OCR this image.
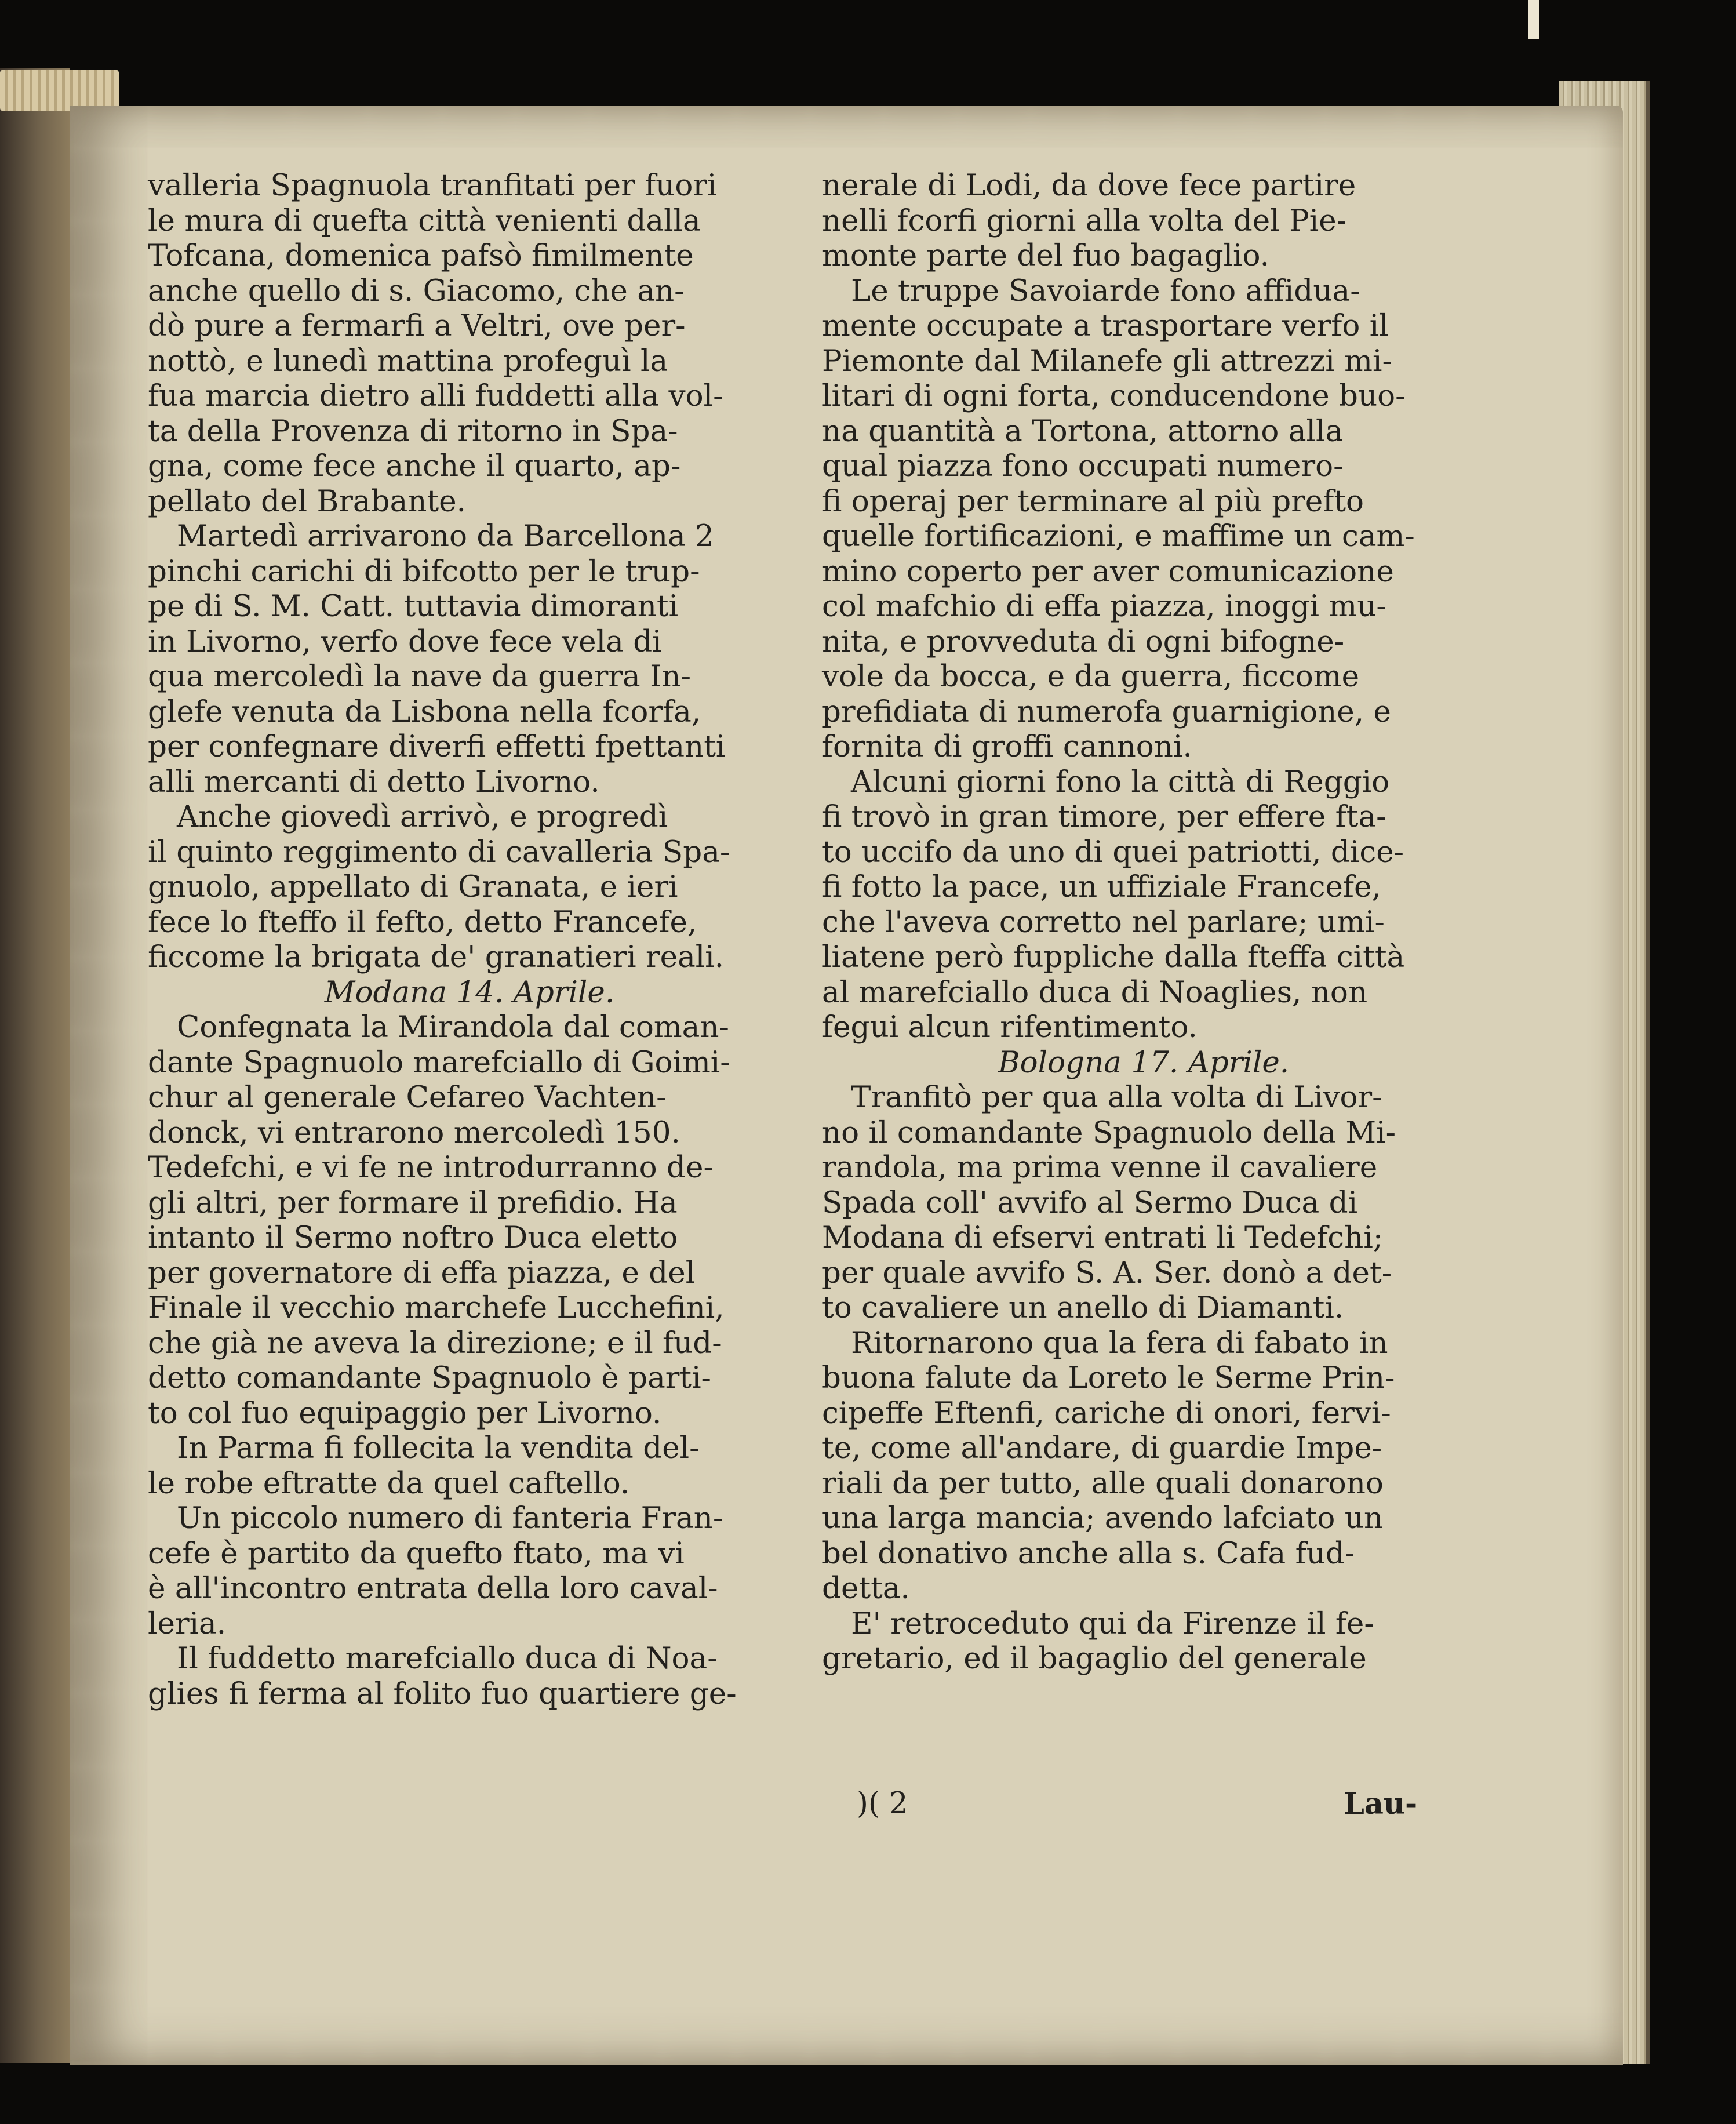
valleria Spagnuola tranfitati per fuori
le mura di quefta città venienti dalla
Tofcana, domenica pafsò fimilmente
anche quello di s. Giacomo, che an-
dò pure a fermarfi a Veltri, ove per-
nottò, e lunedì mattina profeguì la
fua marcia dietro alli fuddetti alla vol-
ta della Provenza di ritorno in Spa-
gna, come fece anche il quarto, ap-
pellato del Brabante.
Martedì arrivarono da Barcellona 2
pinchi carichi di bifcotto per le trup-
pe di S. M. Catt. tuttavia dimoranti
in Livorno, verfo dove fece vela di
qua mercoledì la nave da guerra In-
glefe venuta da Lisbona nella fcorfa,
per confegnare diverfi effetti fpettanti
alli mercanti di detto Livorno.
Anche giovedì arrivò, e progredì
il quinto reggimento di cavalleria Spa-
gnuolo, appellato di Granata, e ieri
fece lo fteffo il fefto, detto Francefe,
ficcome la brigata de' granatieri reali.
Modana 14. Aprile.
Confegnata la Mirandola dal coman-
dante Spagnuolo marefciallo di Goimi-
chur al generale Cefareo Vachten-
donck, vi entrarono mercoledì 150.
Tedefchi, e vi fe ne introdurranno de-
gli altri, per formare il prefidio. Ha
intanto il Sermo noftro Duca eletto
per governatore di effa piazza, e del
Finale il vecchio marchefe Lucchefini,
che già ne aveva la direzione; e il fud-
detto comandante Spagnuolo è parti-
to col fuo equipaggio per Livorno.
In Parma fi follecita la vendita del-
le robe eftratte da quel caftello.
Un piccolo numero di fanteria Fran-
cefe è partito da quefto ftato, ma vi
è all'incontro entrata della loro caval-
leria.
Il fuddetto marefciallo duca di Noa-
glies fi ferma al folito fuo quartiere ge-
nerale di Lodi, da dove fece partire
nelli fcorfi giorni alla volta del Pie-
monte parte del fuo bagaglio.
Le truppe Savoiarde fono affidua-
mente occupate a trasportare verfo il
Piemonte dal Milanefe gli attrezzi mi-
litari di ogni forta, conducendone buo-
na quantità a Tortona, attorno alla
qual piazza fono occupati numero-
fi operaj per terminare al più prefto
quelle fortificazioni, e maffime un cam-
mino coperto per aver comunicazione
col mafchio di effa piazza, inoggi mu-
nita, e provveduta di ogni bifogne-
vole da bocca, e da guerra, ficcome
prefidiata di numerofa guarnigione, e
fornita di groffi cannoni.
Alcuni giorni fono la città di Reggio
fi trovò in gran timore, per effere fta-
to uccifo da uno di quei patriotti, dice-
fi fotto la pace, un uffiziale Francefe,
che l'aveva corretto nel parlare; umi-
liatene però fuppliche dalla fteffa città
al marefciallo duca di Noaglies, non
fegui alcun rifentimento.
Bologna 17. Aprile.
Tranfitò per qua alla volta di Livor-
no il comandante Spagnuolo della Mi-
randola, ma prima venne il cavaliere
Spada coll' avvifo al Sermo Duca di
Modana di efservi entrati li Tedefchi;
per quale avvifo S. A. Ser. donò a det-
to cavaliere un anello di Diamanti.
Ritornarono qua la fera di fabato in
buona falute da Loreto le Serme Prin-
cipeffe Eftenfi, cariche di onori, fervi-
te, come all'andare, di guardie Impe-
riali da per tutto, alle quali donarono
una larga mancia; avendo lafciato un
bel donativo anche alla s. Cafa fud-
detta.
E' retroceduto qui da Firenze il fe-
gretario, ed il bagaglio del generale
)( 2	Lau-
